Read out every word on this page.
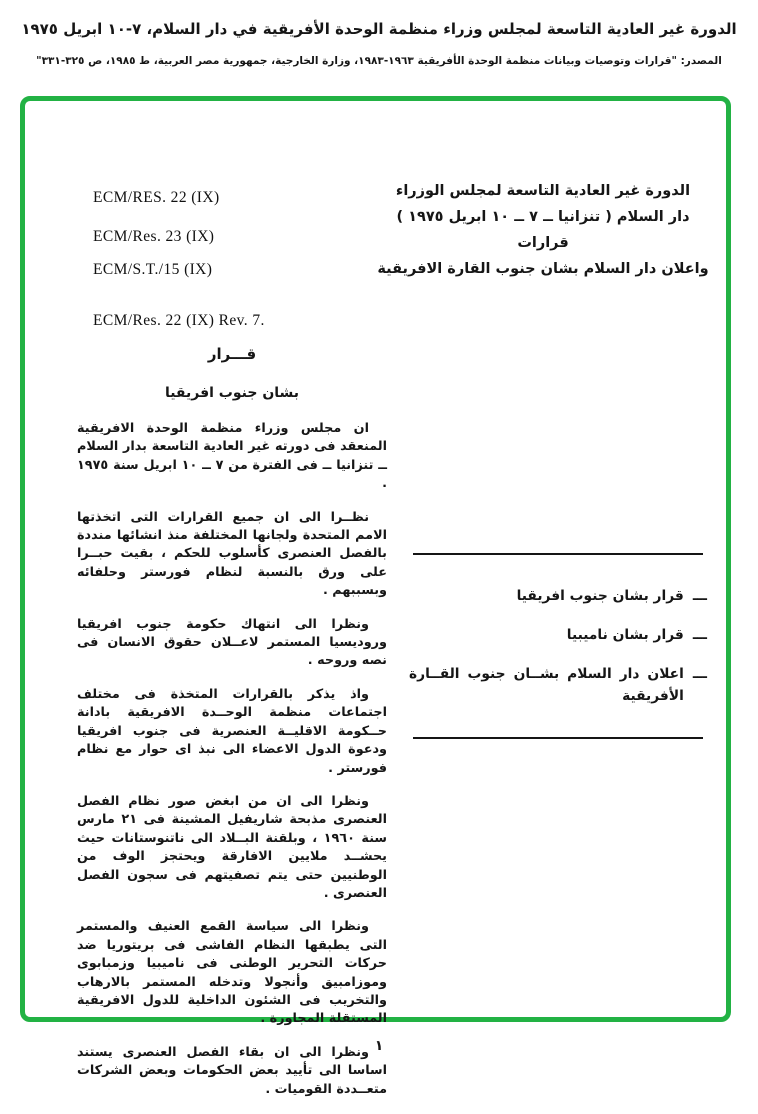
الدورة غير العادية التاسعة لمجلس وزراء منظمة الوحدة الأفريقية في دار السلام، ٧-١٠ ابريل ١٩٧٥
المصدر: "قرارات وتوصيات وبيانات منظمة الوحدة الأفريقية ١٩٦٣-١٩٨٣، وزارة الخارجية، جمهورية مصر العربية، ط ١٩٨٥، ص ٣٢٥-٣٣١"
ECM/RES. 22 (IX)
ECM/Res. 23 (IX)
ECM/S.T./15 (IX)
ECM/Res. 22 (IX) Rev. 7.
الدورة غير العادية التاسعة لمجلس الوزراء
دار السلام ( تنزانيا ــ ٧ ــ ١٠ ابريل ١٩٧٥ )
قرارات
واعلان دار السلام بشان جنوب القارة الافريقية
قـــرار
بشان جنوب افريقيا

ان مجلس وزراء منظمة الوحدة الافريقية المنعقد فى دورته غير العادية التاسعة بدار السلام ــ تنزانيا ــ فى الفترة من ٧ ــ ١٠ ابريل سنة ١٩٧٥ .

نظــرا الى ان جميع القرارات التى اتخذتها الامم المتحدة ولجانها المختلفة منذ انشائها منددة بالفصل العنصرى كأسلوب للحكم ، بقيت حبــرا على ورق بالنسبة لنظام فورستر وحلفائه وبسببهم .

ونظرا الى انتهاك حكومة جنوب افريقيا وروديسيا المستمر لاعــلان حقوق الانسان فى نصه وروحه .

واذ يذكر بالقرارات المتخذة فى مختلف اجتماعات منظمة الوحــدة الافريقية بادانة حــكومة الاقليــة العنصرية فى جنوب افريقيا ودعوة الدول الاعضاء الى نبذ اى حوار مع نظام فورستر .

ونظرا الى ان من ابغض صور نظام الفصل العنصرى مذبحة شاريفيل المشينة فى ٢١ مارس سنة ١٩٦٠ ، وبلقنة البــلاد الى ناتنوستانات حيث يحشــد ملايين الافارقة ويحتجز الوف من الوطنيين حتى يتم تصفيتهم فى سجون الفصل العنصرى .

ونظرا الى سياسة القمع العنيف والمستمر التى يطبقها النظام الفاشى فى بريتوريا ضد حركات التحرير الوطنى فى ناميبيا وزمبابوى وموزامبيق وأنجولا وتدخله المستمر بالارهاب والتخريب فى الشئون الداخلية للدول الافريقية المستقلة المجاورة .

ونظرا الى ان بقاء الفصل العنصرى يستند اساسا الى تأييد بعض الحكومات وبعض الشركات متعــددة القوميات .

ـــ
قرار بشان جنوب افريقيا
ـــ
قرار بشان ناميبيا
ـــ
اعلان دار السلام بشــان جنوب القــارة الأفريقية
١
